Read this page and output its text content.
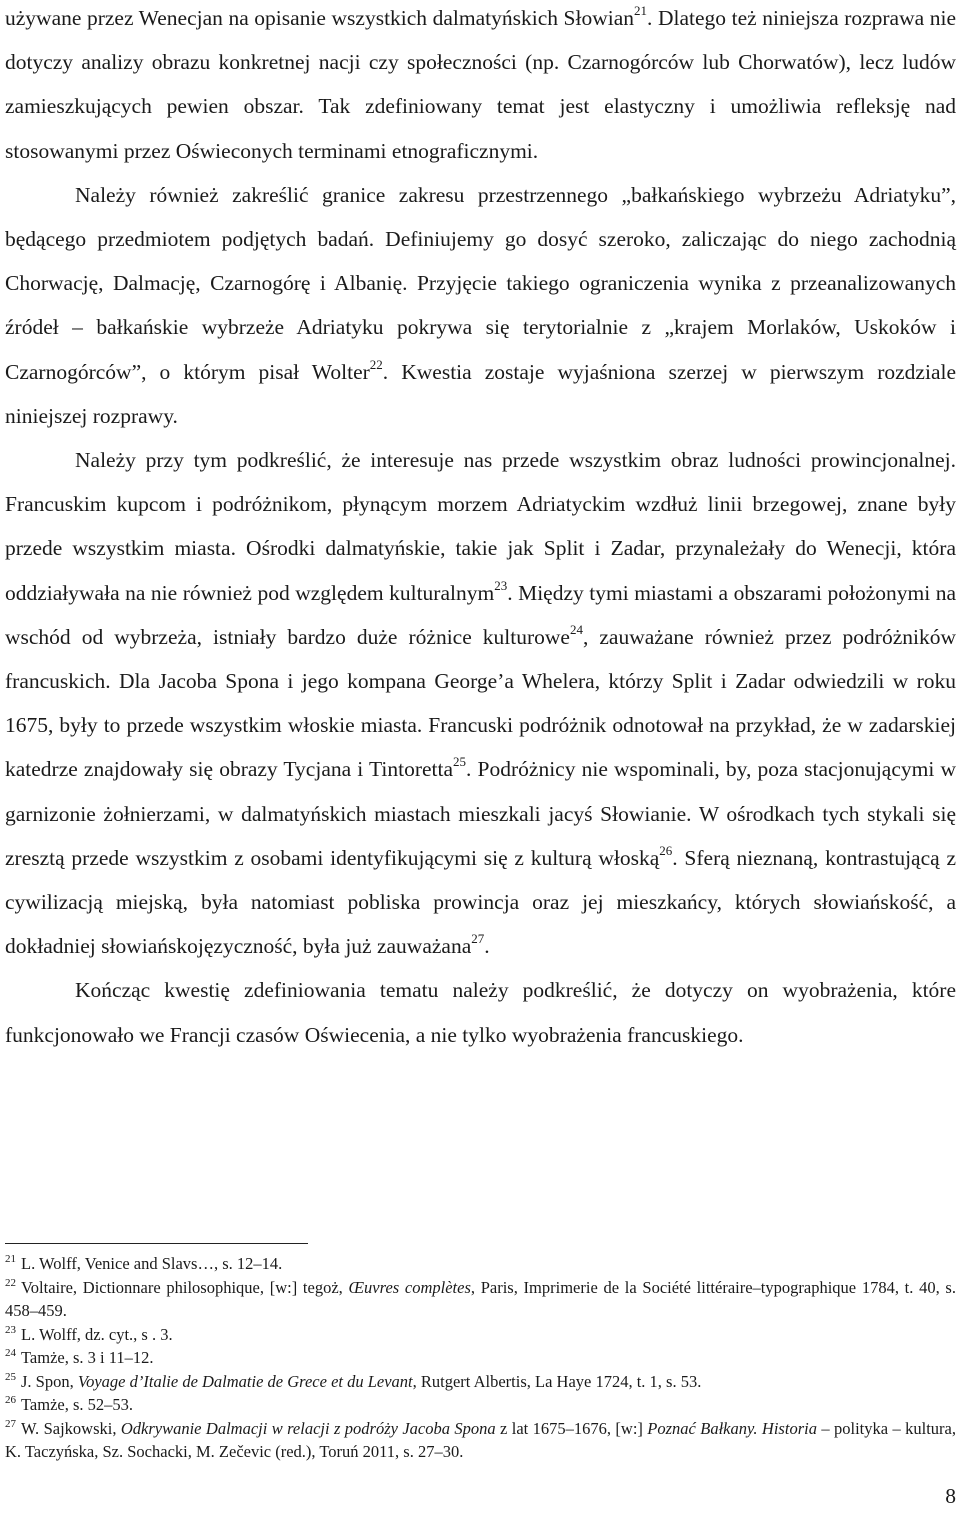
używane przez Wenecjan na opisanie wszystkich dalmatyńskich Słowian$^{21}$. Dlatego też niniejsza rozprawa nie dotyczy analizy obrazu konkretnej nacji czy społeczności (np. Czarnogórców lub Chorwatów), lecz ludów zamieszkujących pewien obszar. Tak zdefiniowany temat jest elastyczny i umożliwia refleksję nad stosowanymi przez Oświeconych terminami etnograficznymi.

Należy również zakreślić granice zakresu przestrzennego „bałkańskiego wybrzeżu Adriatyku”, będącego przedmiotem podjętych badań. Definiujemy go dosyć szeroko, zaliczając do niego zachodnią Chorwację, Dalmację, Czarnogórę i Albanię. Przyjęcie takiego ograniczenia wynika z przeanalizowanych źródeł – bałkańskie wybrzeże Adriatyku pokrywa się terytorialnie z „krajem Morlaków, Uskoków i Czarnogórców”, o którym pisał Wolter$^{22}$. Kwestia zostaje wyjaśniona szerzej w pierwszym rozdziale niniejszej rozprawy.

Należy przy tym podkreślić, że interesuje nas przede wszystkim obraz ludności prowincjonalnej. Francuskim kupcom i podróżnikom, płynącym morzem Adriatyckim wzdłuż linii brzegowej, znane były przede wszystkim miasta. Ośrodki dalmatyńskie, takie jak Split i Zadar, przynależały do Wenecji, która oddziaływała na nie również pod względem kulturalnym$^{23}$. Między tymi miastami a obszarami położonymi na wschód od wybrzeża, istniały bardzo duże różnice kulturowe$^{24}$, zauważane również przez podróżników francuskich. Dla Jacoba Spona i jego kompana George’a Whelera, którzy Split i Zadar odwiedzili w roku 1675, były to przede wszystkim włoskie miasta. Francuski podróżnik odnotował na przykład, że w zadarskiej katedrze znajdowały się obrazy Tycjana i Tintoretta$^{25}$. Podróżnicy nie wspominali, by, poza stacjonującymi w garnizonie żołnierzami, w dalmatyńskich miastach mieszkali jacyś Słowianie. W ośrodkach tych stykali się zresztą przede wszystkim z osobami identyfikującymi się z kulturą włoską$^{26}$. Sferą nieznaną, kontrastującą z cywilizacją miejską, była natomiast pobliska prowincja oraz jej mieszkańcy, których słowiańskość, a dokładniej słowiańskojęzyczność, była już zauważana$^{27}$.

Kończąc kwestię zdefiniowania tematu należy podkreślić, że dotyczy on wyobrażenia, które funkcjonowało we Francji czasów Oświecenia, a nie tylko wyobrażenia francuskiego.

$^{21}$ L. Wolff, Venice and Slavs…, s. 12–14.

$^{22}$ Voltaire, Dictionnare philosophique, [w:] tegoż, Œuvres complètes, Paris, Imprimerie de la Société littéraire–typographique 1784, t. 40, s. 458–459.

$^{23}$ L. Wolff, dz. cyt., s . 3.

$^{24}$ Tamże, s. 3 i 11–12.

$^{25}$ J. Spon, Voyage d’Italie de Dalmatie de Grece et du Levant, Rutgert Albertis, La Haye 1724, t. 1, s. 53.

$^{26}$ Tamże, s. 52–53.

$^{27}$ W. Sajkowski, Odkrywanie Dalmacji w relacji z podróży Jacoba Spona z lat 1675–1676, [w:] Poznać Bałkany. Historia – polityka – kultura, K. Taczyńska, Sz. Sochacki, M. Zečevic (red.), Toruń 2011, s. 27–30.

8
